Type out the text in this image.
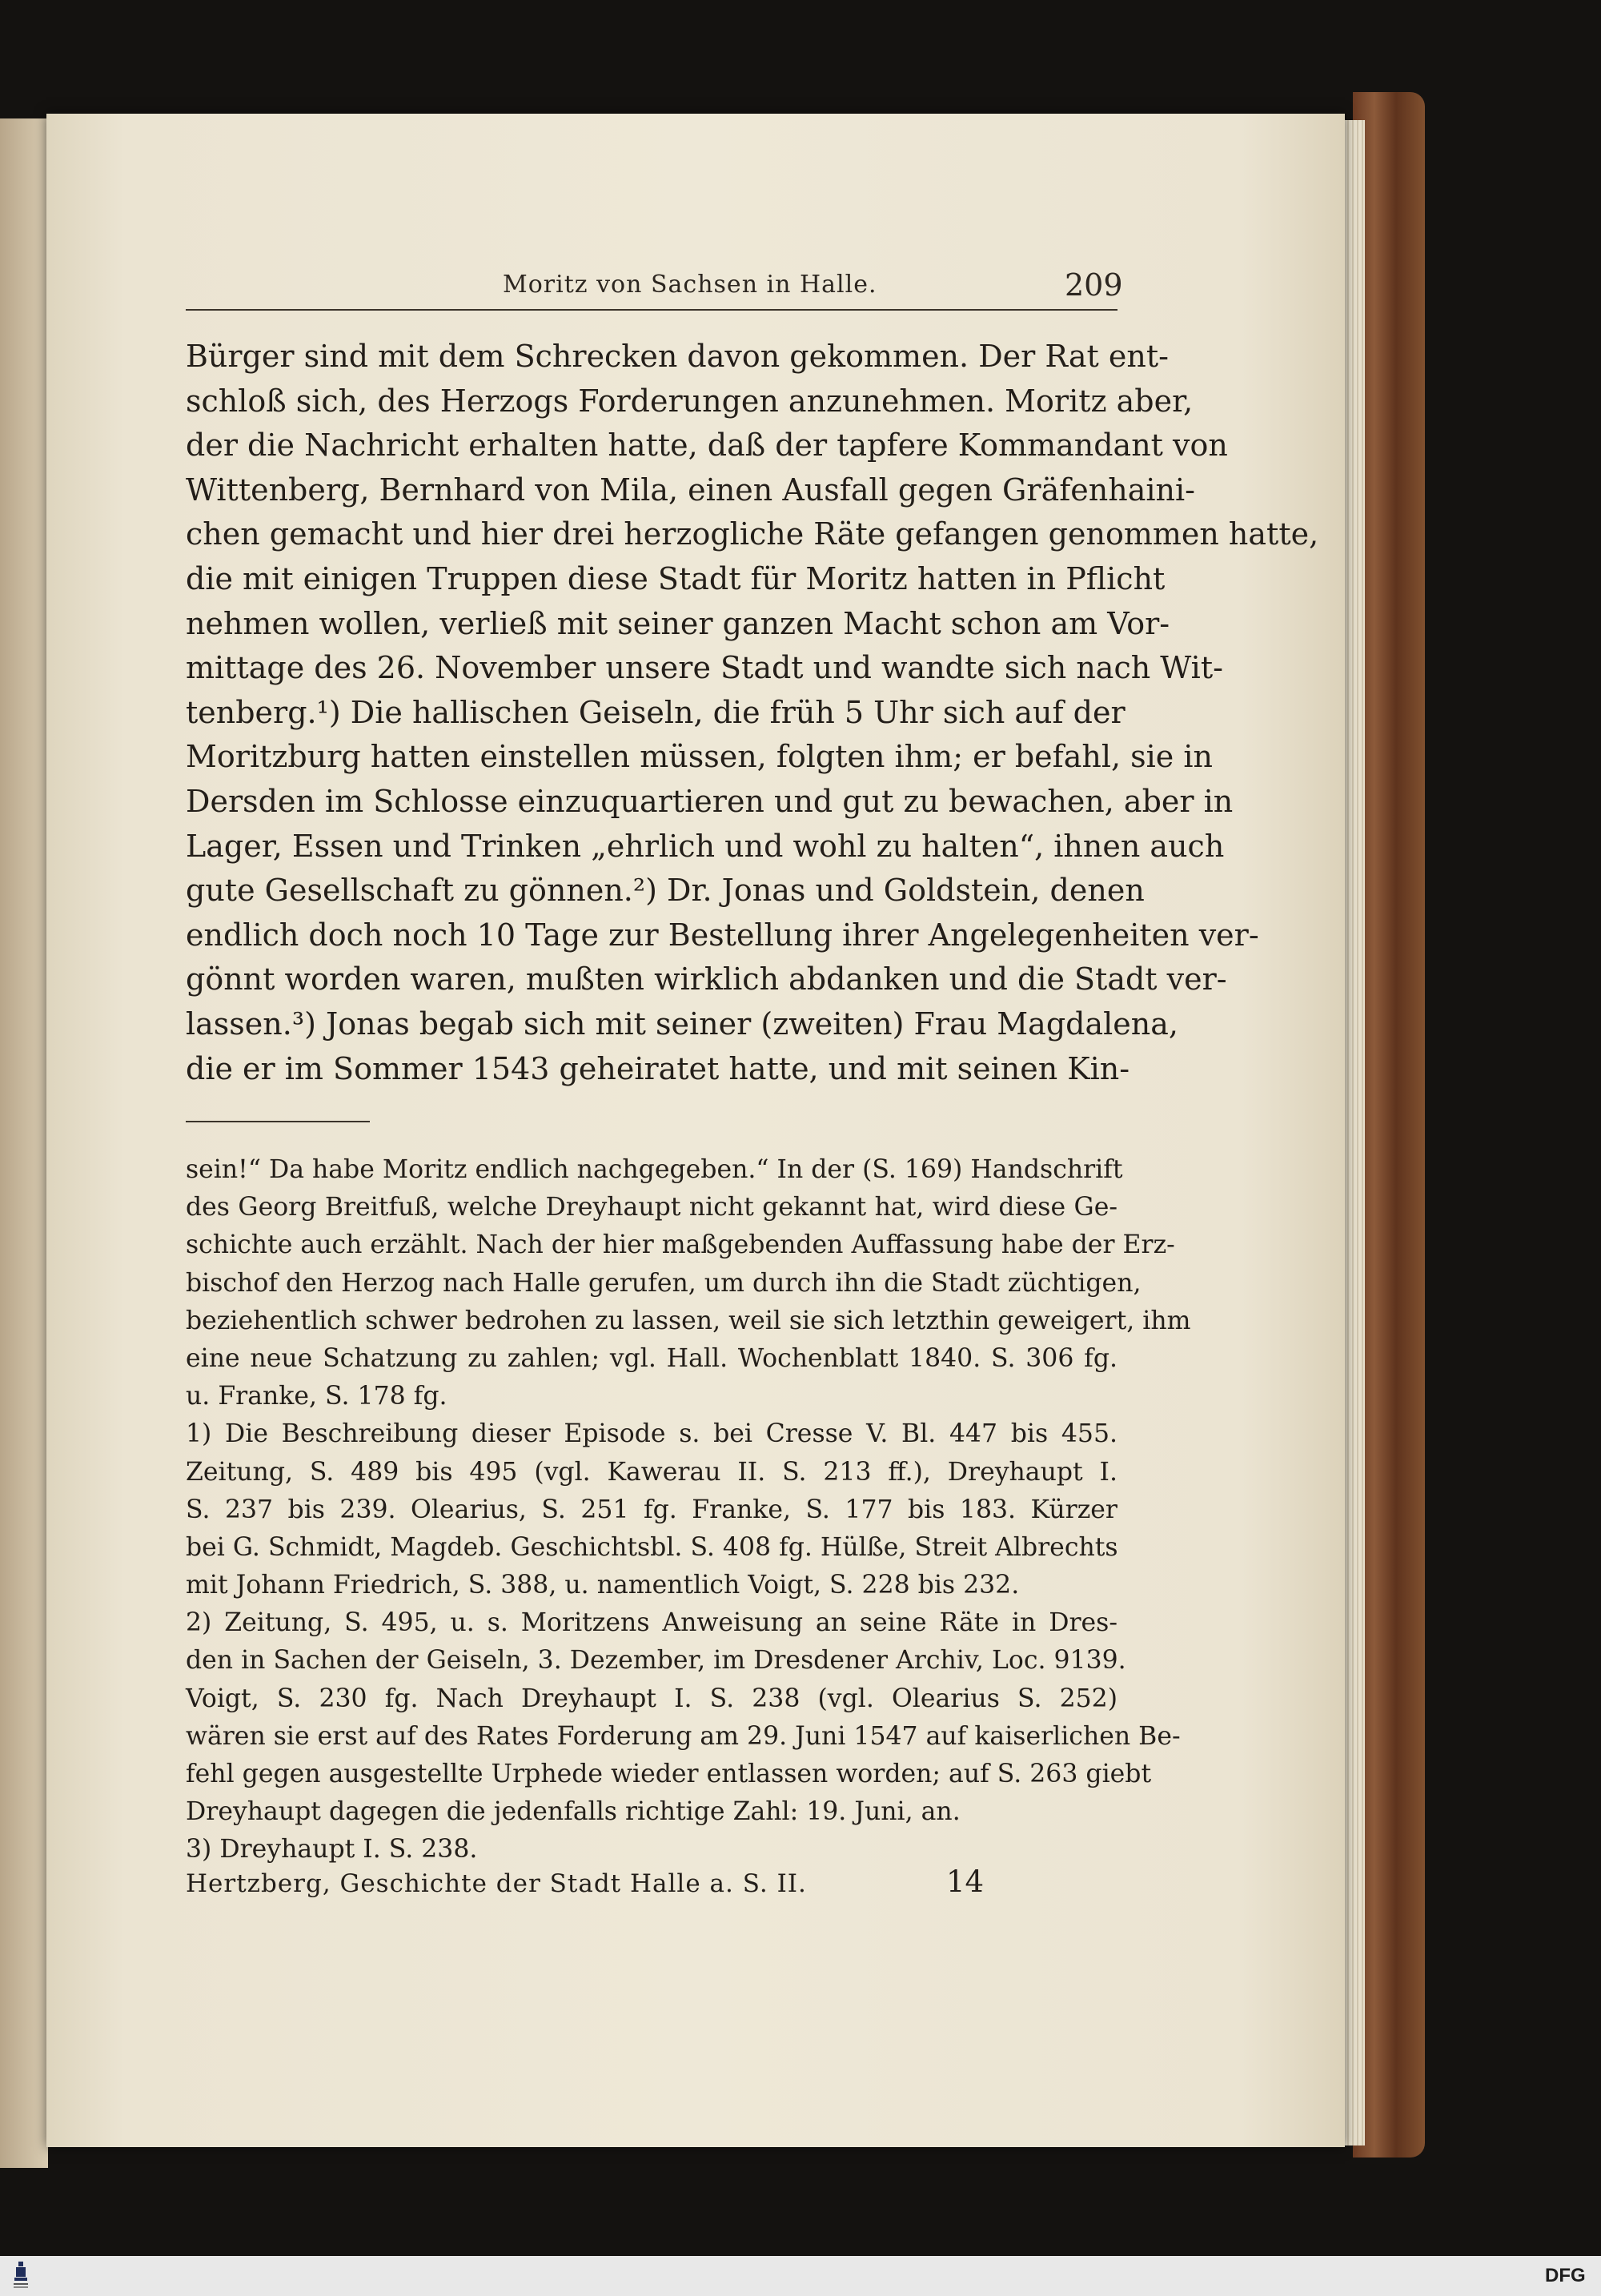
Moritz von Sachsen in Halle.	209
Bürger sind mit dem Schrecken davon gekommen. Der Rat ent-
schloß sich, des Herzogs Forderungen anzunehmen. Moritz aber,
der die Nachricht erhalten hatte, daß der tapfere Kommandant von
Wittenberg, Bernhard von Mila, einen Ausfall gegen Gräfenhaini-
chen gemacht und hier drei herzogliche Räte gefangen genommen hatte,
die mit einigen Truppen diese Stadt für Moritz hatten in Pflicht
nehmen wollen, verließ mit seiner ganzen Macht schon am Vor-
mittage des 26. November unsere Stadt und wandte sich nach Wit-
tenberg.¹) Die hallischen Geiseln, die früh 5 Uhr sich auf der
Moritzburg hatten einstellen müssen, folgten ihm; er befahl, sie in
Dersden im Schlosse einzuquartieren und gut zu bewachen, aber in
Lager, Essen und Trinken „ehrlich und wohl zu halten“, ihnen auch
gute Gesellschaft zu gönnen.²) Dr. Jonas und Goldstein, denen
endlich doch noch 10 Tage zur Bestellung ihrer Angelegenheiten ver-
gönnt worden waren, mußten wirklich abdanken und die Stadt ver-
lassen.³) Jonas begab sich mit seiner (zweiten) Frau Magdalena,
die er im Sommer 1543 geheiratet hatte, und mit seinen Kin-
sein!“ Da habe Moritz endlich nachgegeben.“ In der (S. 169) Handschrift
des Georg Breitfuß, welche Dreyhaupt nicht gekannt hat, wird diese Ge-
schichte auch erzählt. Nach der hier maßgebenden Auffassung habe der Erz-
bischof den Herzog nach Halle gerufen, um durch ihn die Stadt züchtigen,
beziehentlich schwer bedrohen zu lassen, weil sie sich letzthin geweigert, ihm
eine neue Schatzung zu zahlen; vgl. Hall. Wochenblatt 1840. S. 306 fg.
u. Franke, S. 178 fg.
1) Die Beschreibung dieser Episode s. bei Cresse V. Bl. 447 bis 455.
Zeitung, S. 489 bis 495 (vgl. Kawerau II. S. 213 ff.), Dreyhaupt I.
S. 237 bis 239. Olearius, S. 251 fg. Franke, S. 177 bis 183. Kürzer
bei G. Schmidt, Magdeb. Geschichtsbl. S. 408 fg. Hülße, Streit Albrechts
mit Johann Friedrich, S. 388, u. namentlich Voigt, S. 228 bis 232.
2) Zeitung, S. 495, u. s. Moritzens Anweisung an seine Räte in Dres-
den in Sachen der Geiseln, 3. Dezember, im Dresdener Archiv, Loc. 9139.
Voigt, S. 230 fg. Nach Dreyhaupt I. S. 238 (vgl. Olearius S. 252)
wären sie erst auf des Rates Forderung am 29. Juni 1547 auf kaiserlichen Be-
fehl gegen ausgestellte Urphede wieder entlassen worden; auf S. 263 giebt
Dreyhaupt dagegen die jedenfalls richtige Zahl: 19. Juni, an.
3) Dreyhaupt I. S. 238.
Hertzberg, Geschichte der Stadt Halle a. S. II.	14
DFG
